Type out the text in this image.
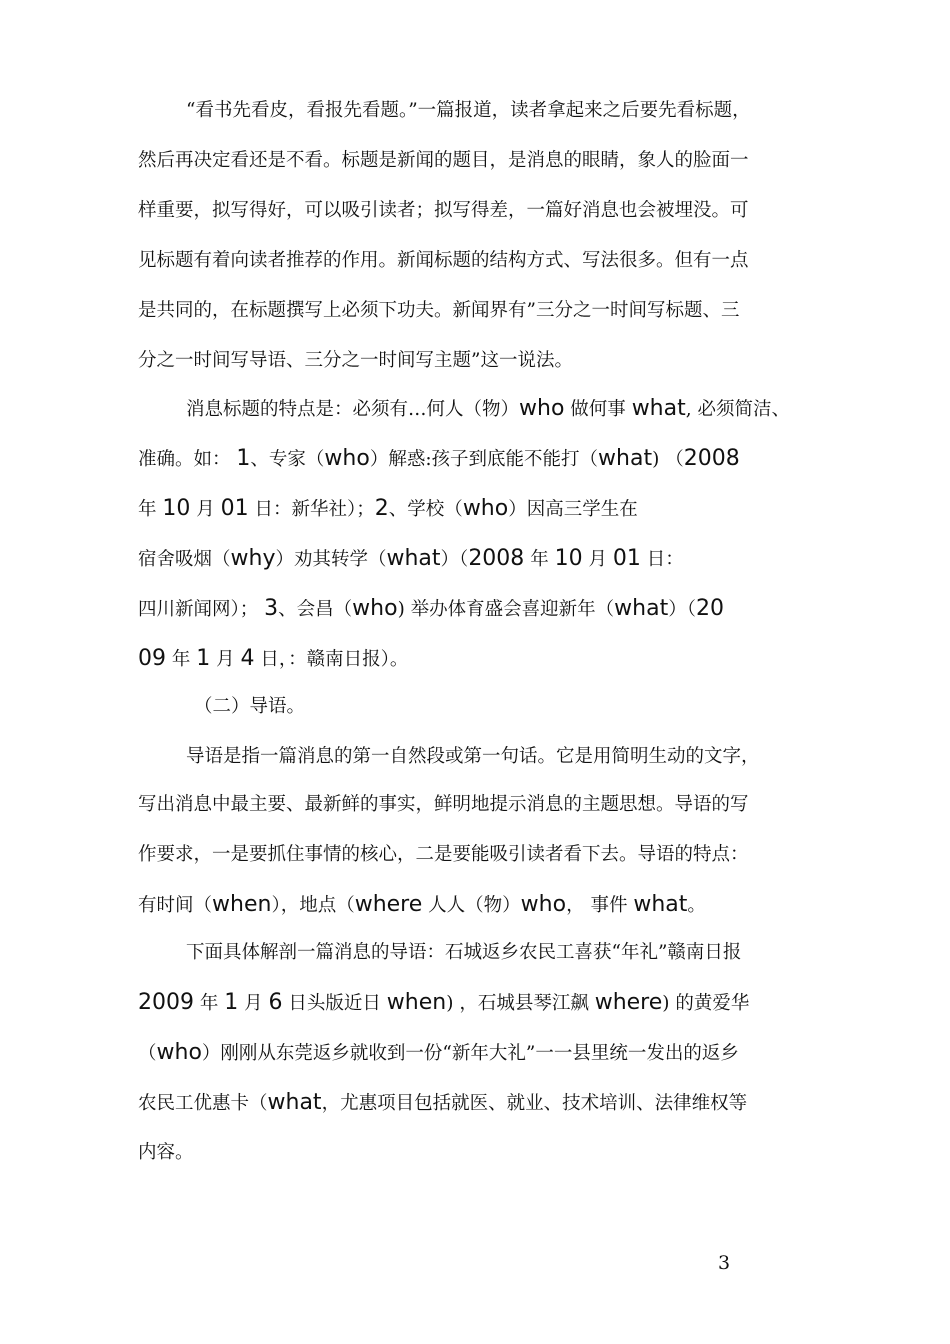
“看书先看皮，看报先看题。”一篇报道，读者拿起来之后要先看标题，
然后再决定看还是不看。标题是新闻的题目，是消息的眼睛，象人的脸面一
样重要，拟写得好，可以吸引读者；拟写得差，一篇好消息也会被埋没。可
见标题有着向读者推荐的作用。新闻标题的结构方式、写法很多。但有一点
是共同的，在标题撰写上必须下功夫。新闻界有”三分之一时间写标题、三
分之一时间写导语、三分之一时间写主题”这一说法。
消息标题的特点是：必须有…何人（物）who 做何事 what, 必须简洁、
准确。如： 1、专家（who）解惑:孩子到底能不能打（what) （2008
年 10 月 01 日：新华社）；2、学校（who）因高三学生在
宿舍吸烟（why）劝其转学（what）（2008 年 10 月 01 日：
四川新闻网）； 3、会昌（who) 举办体育盛会喜迎新年（what）（20
09 年 1 月 4 日，：赣南日报）。
（二）导语。
导语是指一篇消息的第一自然段或第一句话。它是用简明生动的文字，
写出消息中最主要、最新鲜的事实，鲜明地提示消息的主题思想。导语的写
作要求，一是要抓住事情的核心，二是要能吸引读者看下去。导语的特点：
有时间（when），地点（where 人人（物）who， 事件 what。
下面具体解剖一篇消息的导语：石城返乡农民工喜获“年礼”赣南日报
2009 年 1 月 6 日头版近日 when) ，石城县琴江飙 where) 的黄爱华
（who）刚刚从东莞返乡就收到一份“新年大礼”一一县里统一发出的返乡
农民工优惠卡（what，尤惠项目包括就医、就业、技术培训、法律维权等
内容。
3
